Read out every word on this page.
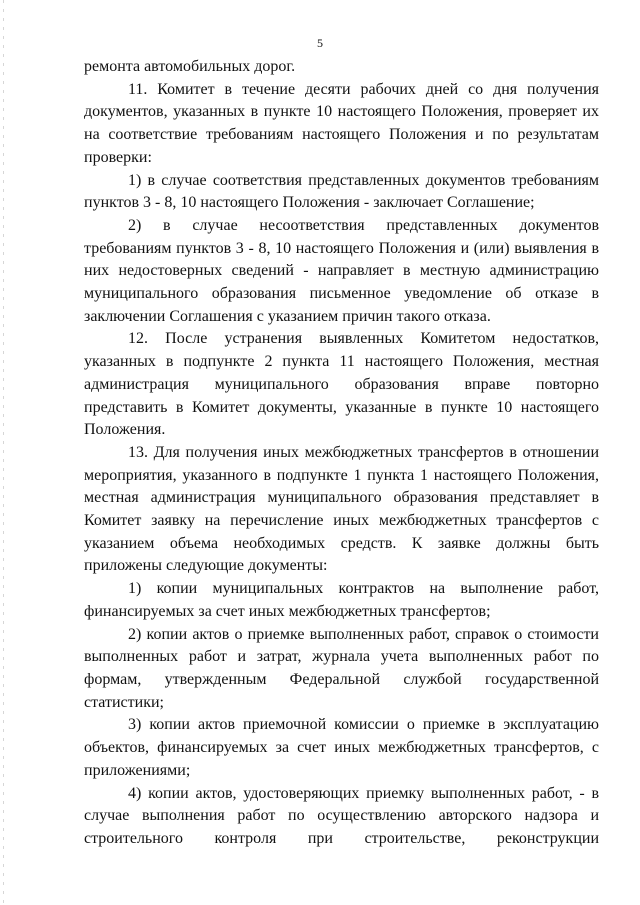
5

ремонта автомобильных дорог.

11. Комитет в течение десяти рабочих дней со дня получения документов, указанных в пункте 10 настоящего Положения, проверяет их на соответствие требованиям настоящего Положения и по результатам проверки:

1) в случае соответствия представленных документов требованиям пунктов 3 - 8, 10 настоящего Положения - заключает Соглашение;

2) в случае несоответствия представленных документов требованиям пунктов 3 - 8, 10 настоящего Положения и (или) выявления в них недостоверных сведений - направляет в местную администрацию муниципального образования письменное уведомление об отказе в заключении Соглашения с указанием причин такого отказа.

12. После устранения выявленных Комитетом недостатков, указанных в подпункте 2 пункта 11 настоящего Положения, местная администрация муниципального образования вправе повторно представить в Комитет документы, указанные в пункте 10 настоящего Положения.

13. Для получения иных межбюджетных трансфертов в отношении мероприятия, указанного в подпункте 1 пункта 1 настоящего Положения, местная администрация муниципального образования представляет в Комитет заявку на перечисление иных межбюджетных трансфертов с указанием объема необходимых средств. К заявке должны быть приложены следующие документы:

1) копии муниципальных контрактов на выполнение работ, финансируемых за счет иных межбюджетных трансфертов;

2) копии актов о приемке выполненных работ, справок о стоимости выполненных работ и затрат, журнала учета выполненных работ по формам, утвержденным Федеральной службой государственной статистики;

3) копии актов приемочной комиссии о приемке в эксплуатацию объектов, финансируемых за счет иных межбюджетных трансфертов, с приложениями;

4) копии актов, удостоверяющих приемку выполненных работ, - в случае выполнения работ по осуществлению авторского надзора и строительного контроля при строительстве, реконструкции
